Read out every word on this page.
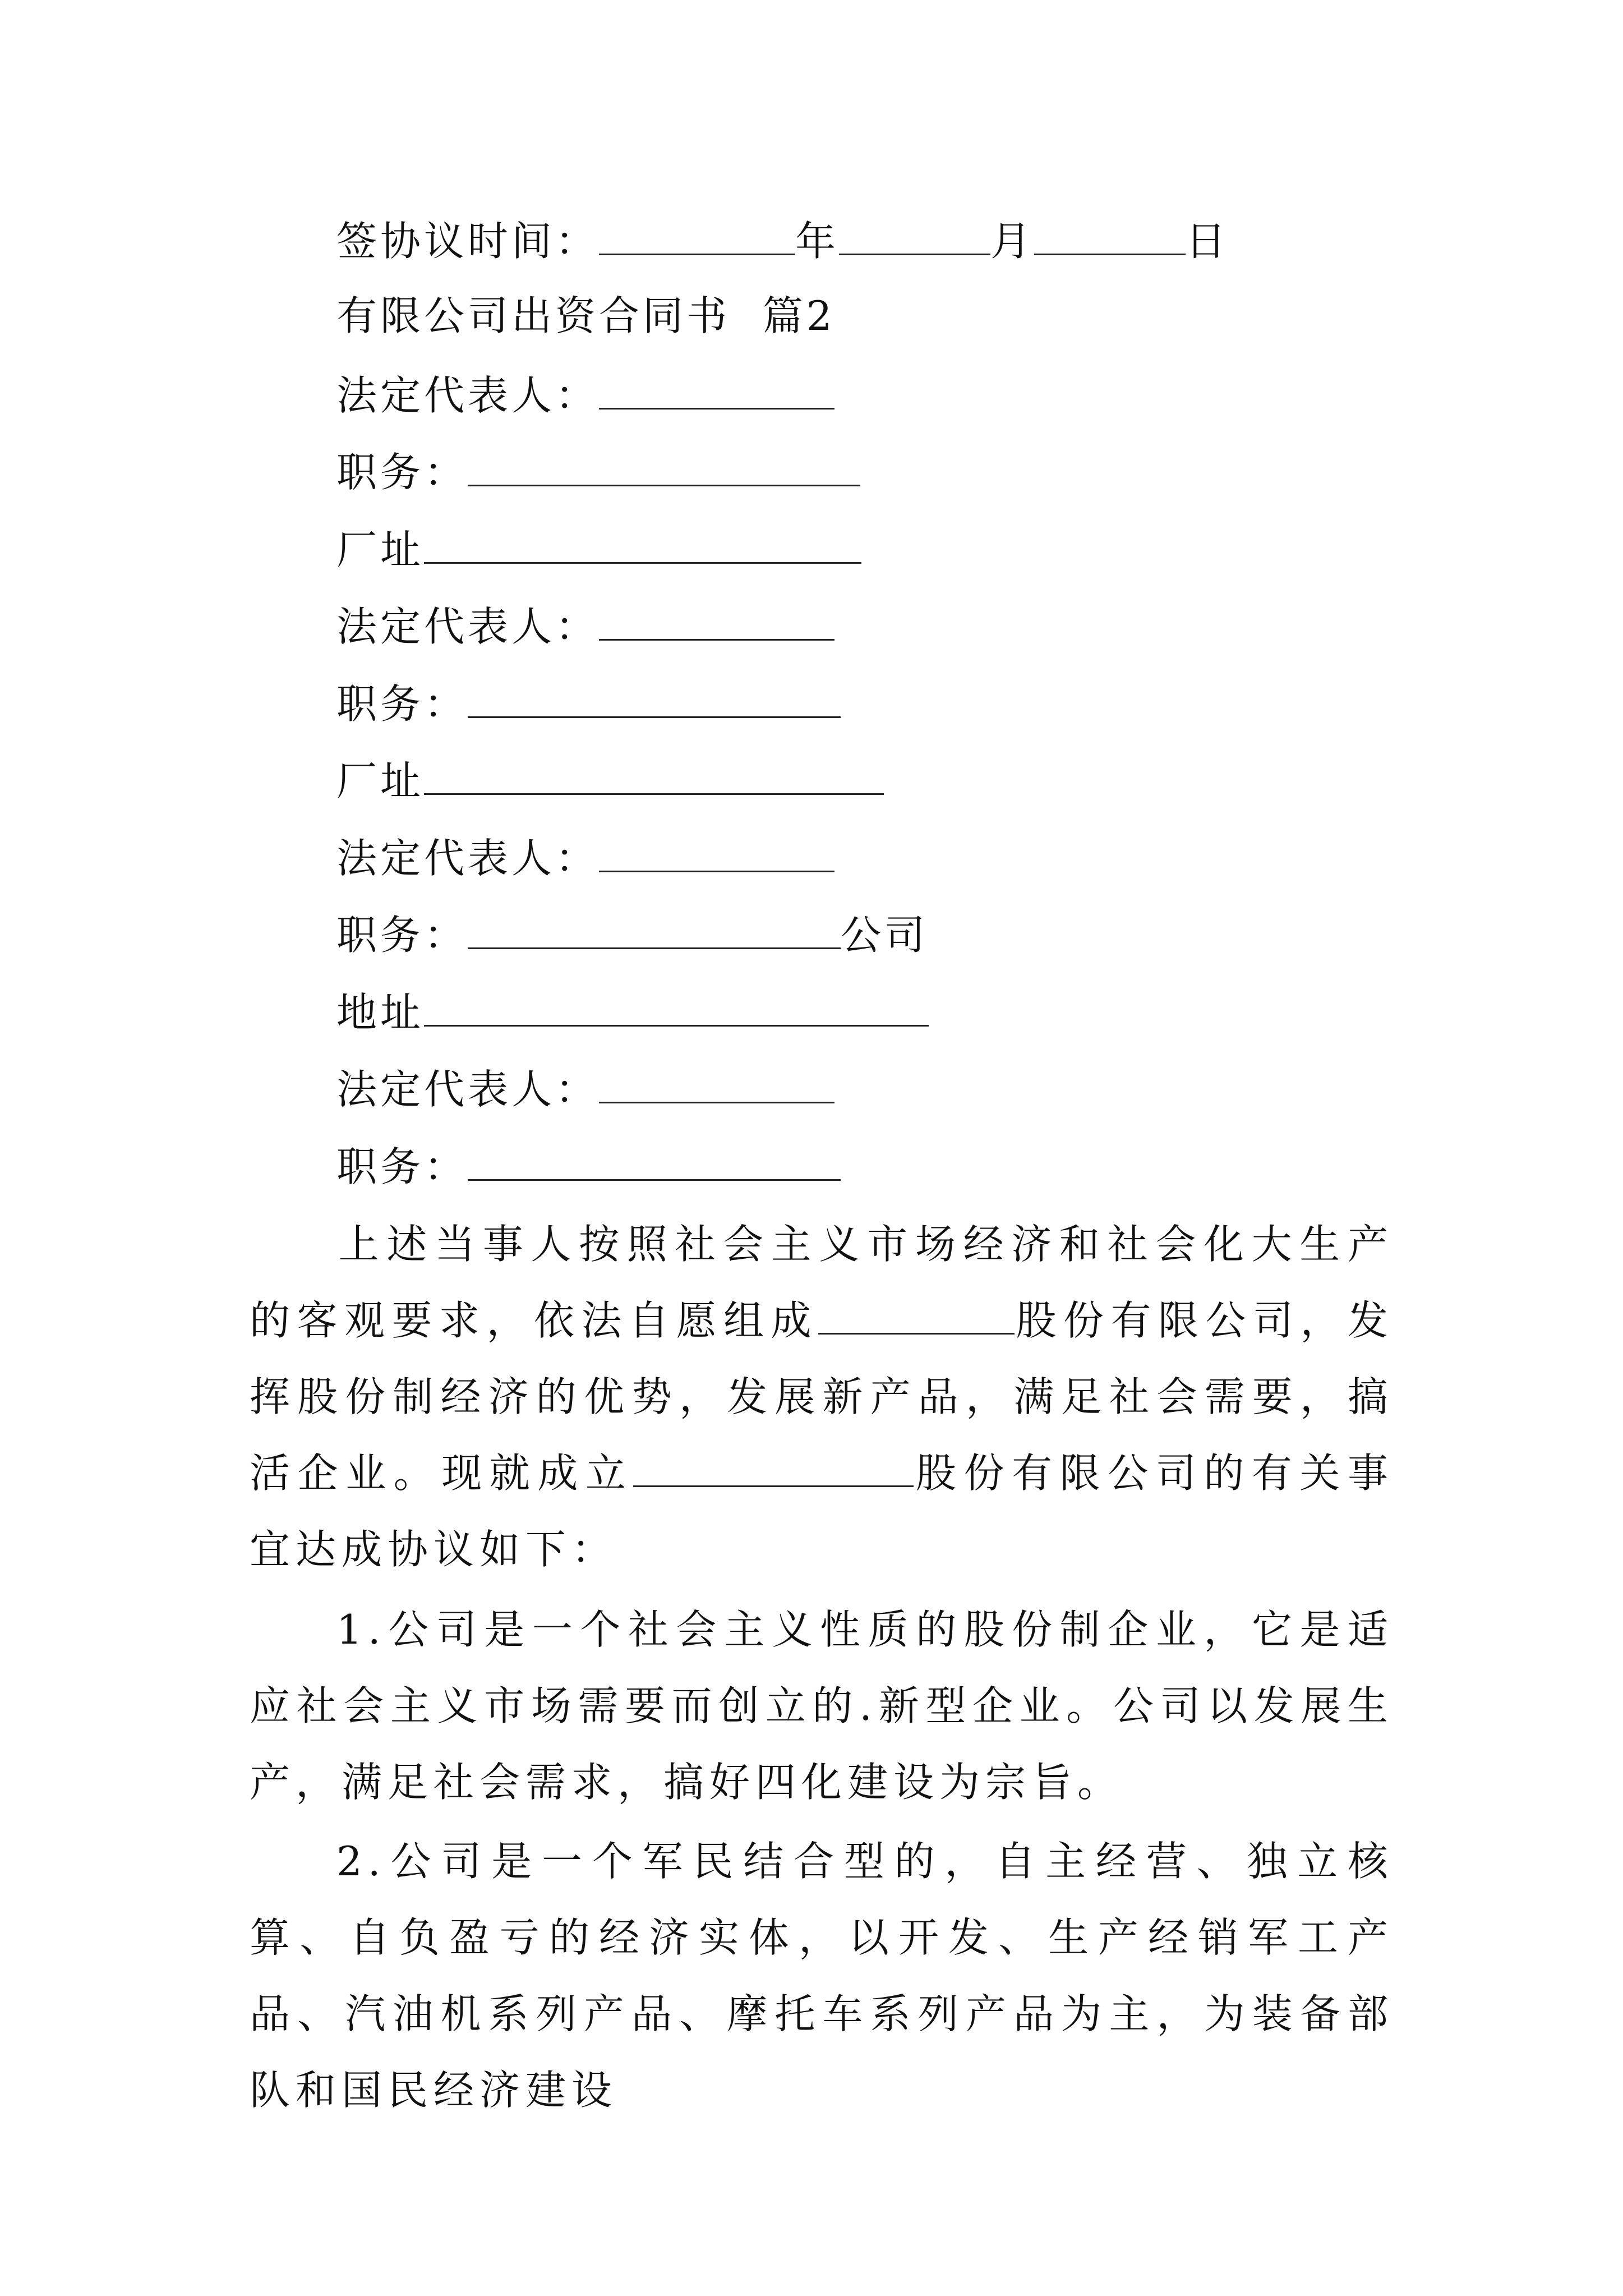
签协议时间：	年	月	日
有限公司出资合同书 篇2
法定代表人：
职务：
厂址
法定代表人：
职务：
厂址
法定代表人：
职务：	公司
地址
法定代表人：
职务：
上述当事人按照社会主义市场经济和社会化大生产的客观要求，依法自愿组成	股份有限公司，发挥股份制经济的优势，发展新产品，满足社会需要，搞活企业。现就成立	股份有限公司的有关事宜达成协议如下：
1.公司是一个社会主义性质的股份制企业，它是适应社会主义市场需要而创立的.新型企业。公司以发展生产，满足社会需求，搞好四化建设为宗旨。
2.公司是一个军民结合型的，自主经营、独立核算、自负盈亏的经济实体，以开发、生产经销军工产品、汽油机系列产品、摩托车系列产品为主，为装备部队和国民经济建设
